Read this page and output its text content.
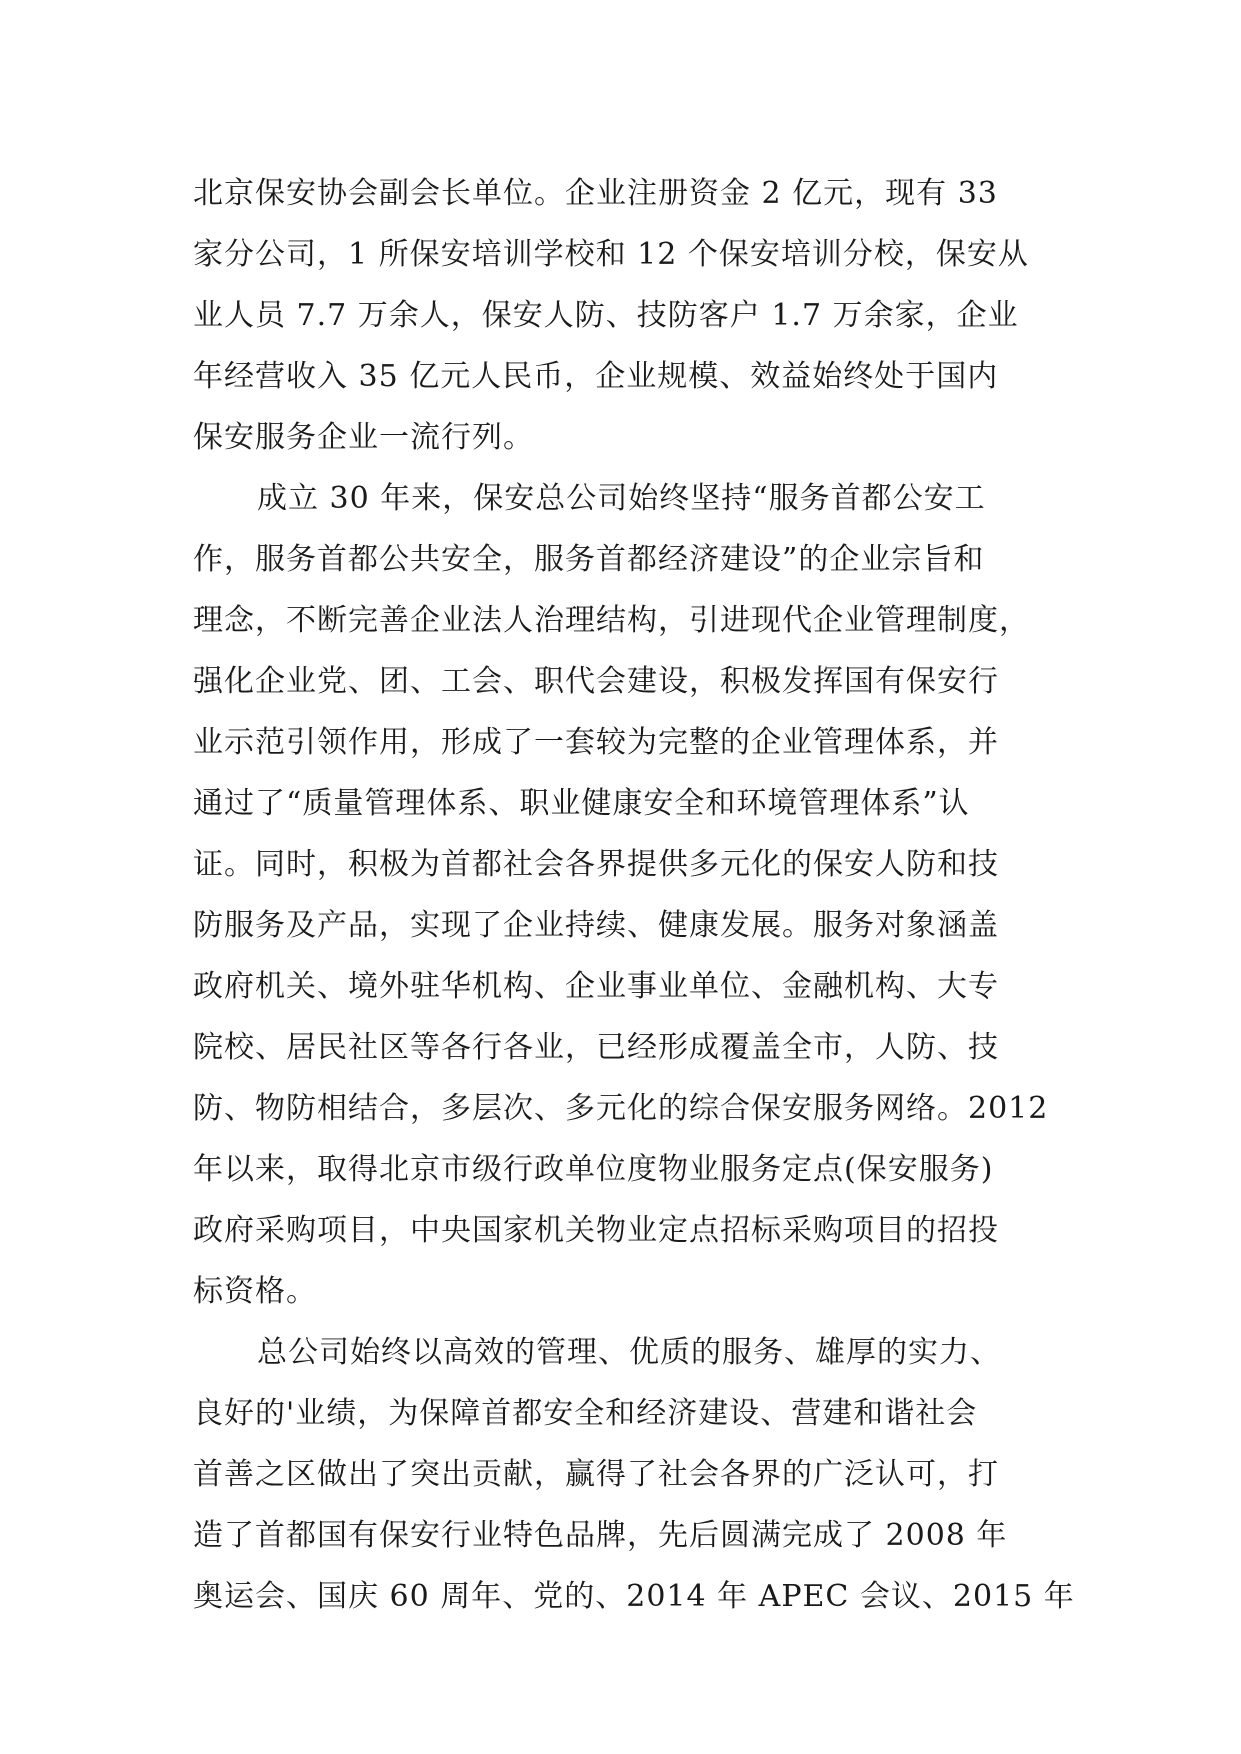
北京保安协会副会长单位。企业注册资金 2 亿元，现有 33
家分公司，1 所保安培训学校和 12 个保安培训分校，保安从
业人员 7.7 万余人，保安人防、技防客户 1.7 万余家，企业
年经营收入 35 亿元人民币，企业规模、效益始终处于国内
保安服务企业一流行列。
成立 30 年来，保安总公司始终坚持“服务首都公安工
作，服务首都公共安全，服务首都经济建设”的企业宗旨和
理念，不断完善企业法人治理结构，引进现代企业管理制度，
强化企业党、团、工会、职代会建设，积极发挥国有保安行
业示范引领作用，形成了一套较为完整的企业管理体系，并
通过了“质量管理体系、职业健康安全和环境管理体系”认
证。同时，积极为首都社会各界提供多元化的保安人防和技
防服务及产品，实现了企业持续、健康发展。服务对象涵盖
政府机关、境外驻华机构、企业事业单位、金融机构、大专
院校、居民社区等各行各业，已经形成覆盖全市，人防、技
防、物防相结合，多层次、多元化的综合保安服务网络。2012
年以来，取得北京市级行政单位度物业服务定点(保安服务)
政府采购项目，中央国家机关物业定点招标采购项目的招投
标资格。
总公司始终以高效的管理、优质的服务、雄厚的实力、
良好的'业绩，为保障首都安全和经济建设、营建和谐社会
首善之区做出了突出贡献，赢得了社会各界的广泛认可，打
造了首都国有保安行业特色品牌，先后圆满完成了 2008 年
奥运会、国庆 60 周年、党的、2014 年 APEC 会议、2015 年
